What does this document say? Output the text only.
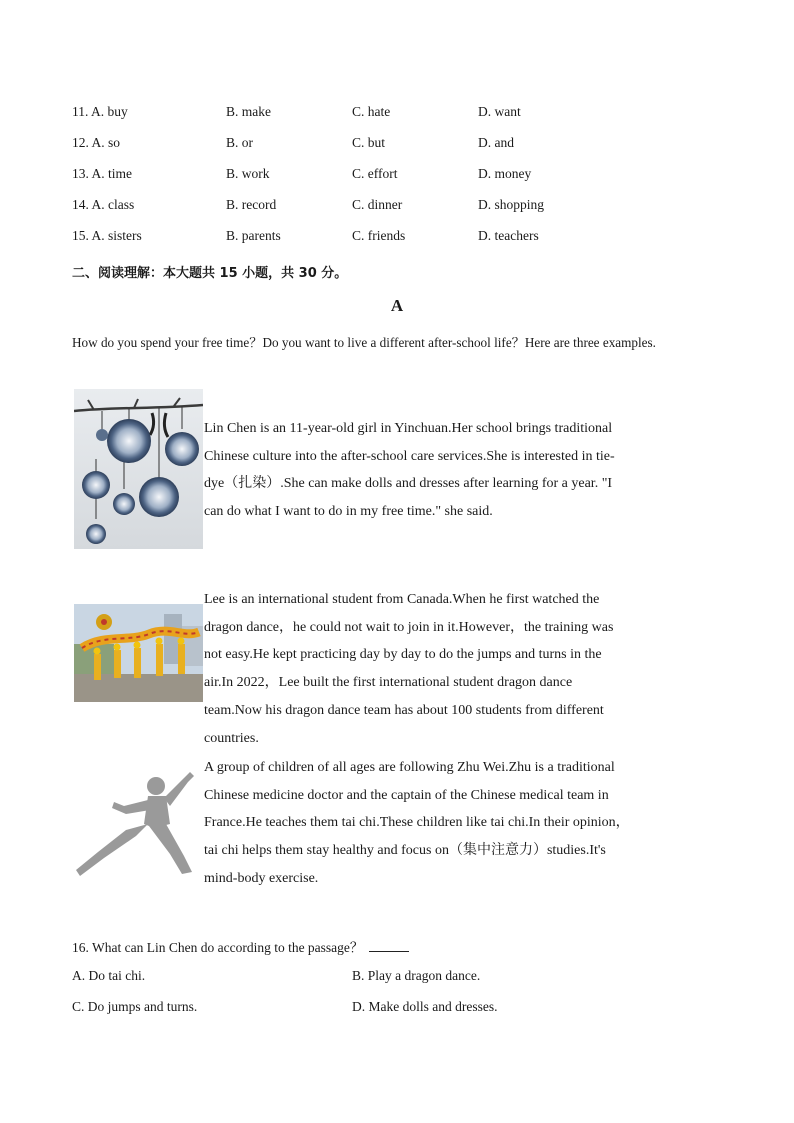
11. A. buy	B. make	C. hate	D. want
12. A. so	B. or	C. but	D. and
13. A. time	B. work	C. effort	D. money
14. A. class	B. record	C. dinner	D. shopping
15. A. sisters	B. parents	C. friends	D. teachers
二、阅读理解：本大题共 15 小题，共 30 分。
A
How do you spend your free time？Do you want to live a different after-school life？Here are three examples.

Lin Chen is an 11-year-old girl in Yinchuan.Her school brings traditional

Chinese culture into the after-school care services.She is interested in tie-

dye（扎染）.She can make dolls and dresses after learning for a year. "I

can do what I want to do in my free time." she said.

Lee is an international student from Canada.When he first watched the

dragon dance，he could not wait to join in it.However，the training was

not easy.He kept practicing day by day to do the jumps and turns in the

air.In 2022，Lee built the first international student dragon dance

team.Now his dragon dance team has about 100 students from different

countries.

A group of children of all ages are following Zhu Wei.Zhu is a traditional

Chinese medicine doctor and the captain of the Chinese medical team in

France.He teaches them tai chi.These children like tai chi.In their opinion，

tai chi helps them stay healthy and focus on（集中注意力）studies.It's

mind-body exercise.

16. What can Lin Chen do according to the passage？
A. Do tai chi.	B. Play a dragon dance.
C. Do jumps and turns.	D. Make dolls and dresses.
